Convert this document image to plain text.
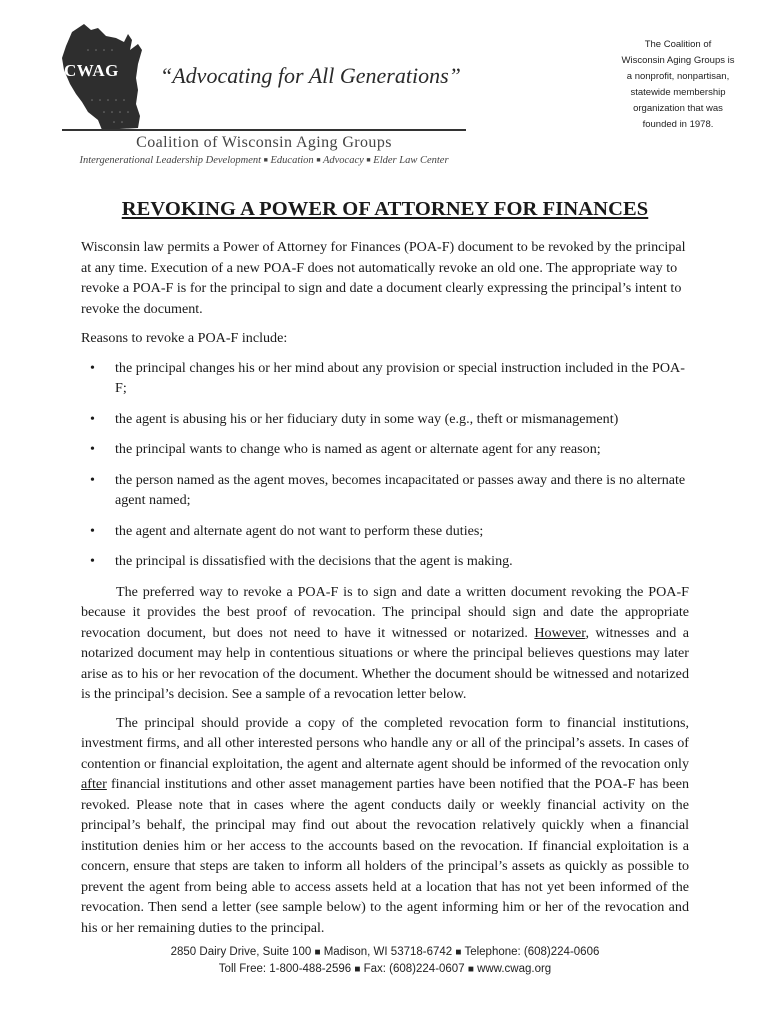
CWAG “Advocating for All Generations”
The Coalition of
Wisconsin Aging Groups is
a nonprofit, nonpartisan,
statewide membership
organization that was
founded in 1978.
Coalition of Wisconsin Aging Groups
Intergenerational Leadership Development ■ Education ■ Advocacy ■ Elder Law Center
REVOKING A POWER OF ATTORNEY FOR FINANCES

Wisconsin law permits a Power of Attorney for Finances (POA-F) document to be revoked by the principal at any time. Execution of a new POA-F does not automatically revoke an old one. The appropriate way to revoke a POA-F is for the principal to sign and date a document clearly expressing the principal’s intent to revoke the document.

Reasons to revoke a POA-F include:

• the principal changes his or her mind about any provision or special instruction included in the POA-F;
• the agent is abusing his or her fiduciary duty in some way (e.g., theft or mismanagement)
• the principal wants to change who is named as agent or alternate agent for any reason;
• the person named as the agent moves, becomes incapacitated or passes away and there is no alternate agent named;
• the agent and alternate agent do not want to perform these duties;
• the principal is dissatisfied with the decisions that the agent is making.

The preferred way to revoke a POA-F is to sign and date a written document revoking the POA-F because it provides the best proof of revocation. The principal should sign and date the appropriate revocation document, but does not need to have it witnessed or notarized. However, witnesses and a notarized document may help in contentious situations or where the principal believes questions may later arise as to his or her revocation of the document. Whether the document should be witnessed and notarized is the principal’s decision. See a sample of a revocation letter below.

The principal should provide a copy of the completed revocation form to financial institutions, investment firms, and all other interested persons who handle any or all of the principal’s assets. In cases of contention or financial exploitation, the agent and alternate agent should be informed of the revocation only after financial institutions and other asset management parties have been notified that the POA-F has been revoked. Please note that in cases where the agent conducts daily or weekly financial activity on the principal’s behalf, the principal may find out about the revocation relatively quickly when a financial institution denies him or her access to the accounts based on the revocation. If financial exploitation is a concern, ensure that steps are taken to inform all holders of the principal’s assets as quickly as possible to prevent the agent from being able to access assets held at a location that has not yet been informed of the revocation. Then send a letter (see sample below) to the agent informing him or her of the revocation and his or her remaining duties to the principal.

2850 Dairy Drive, Suite 100 ■ Madison, WI 53718-6742 ■ Telephone: (608)224-0606
Toll Free: 1-800-488-2596 ■ Fax: (608)224-0607 ■ www.cwag.org
